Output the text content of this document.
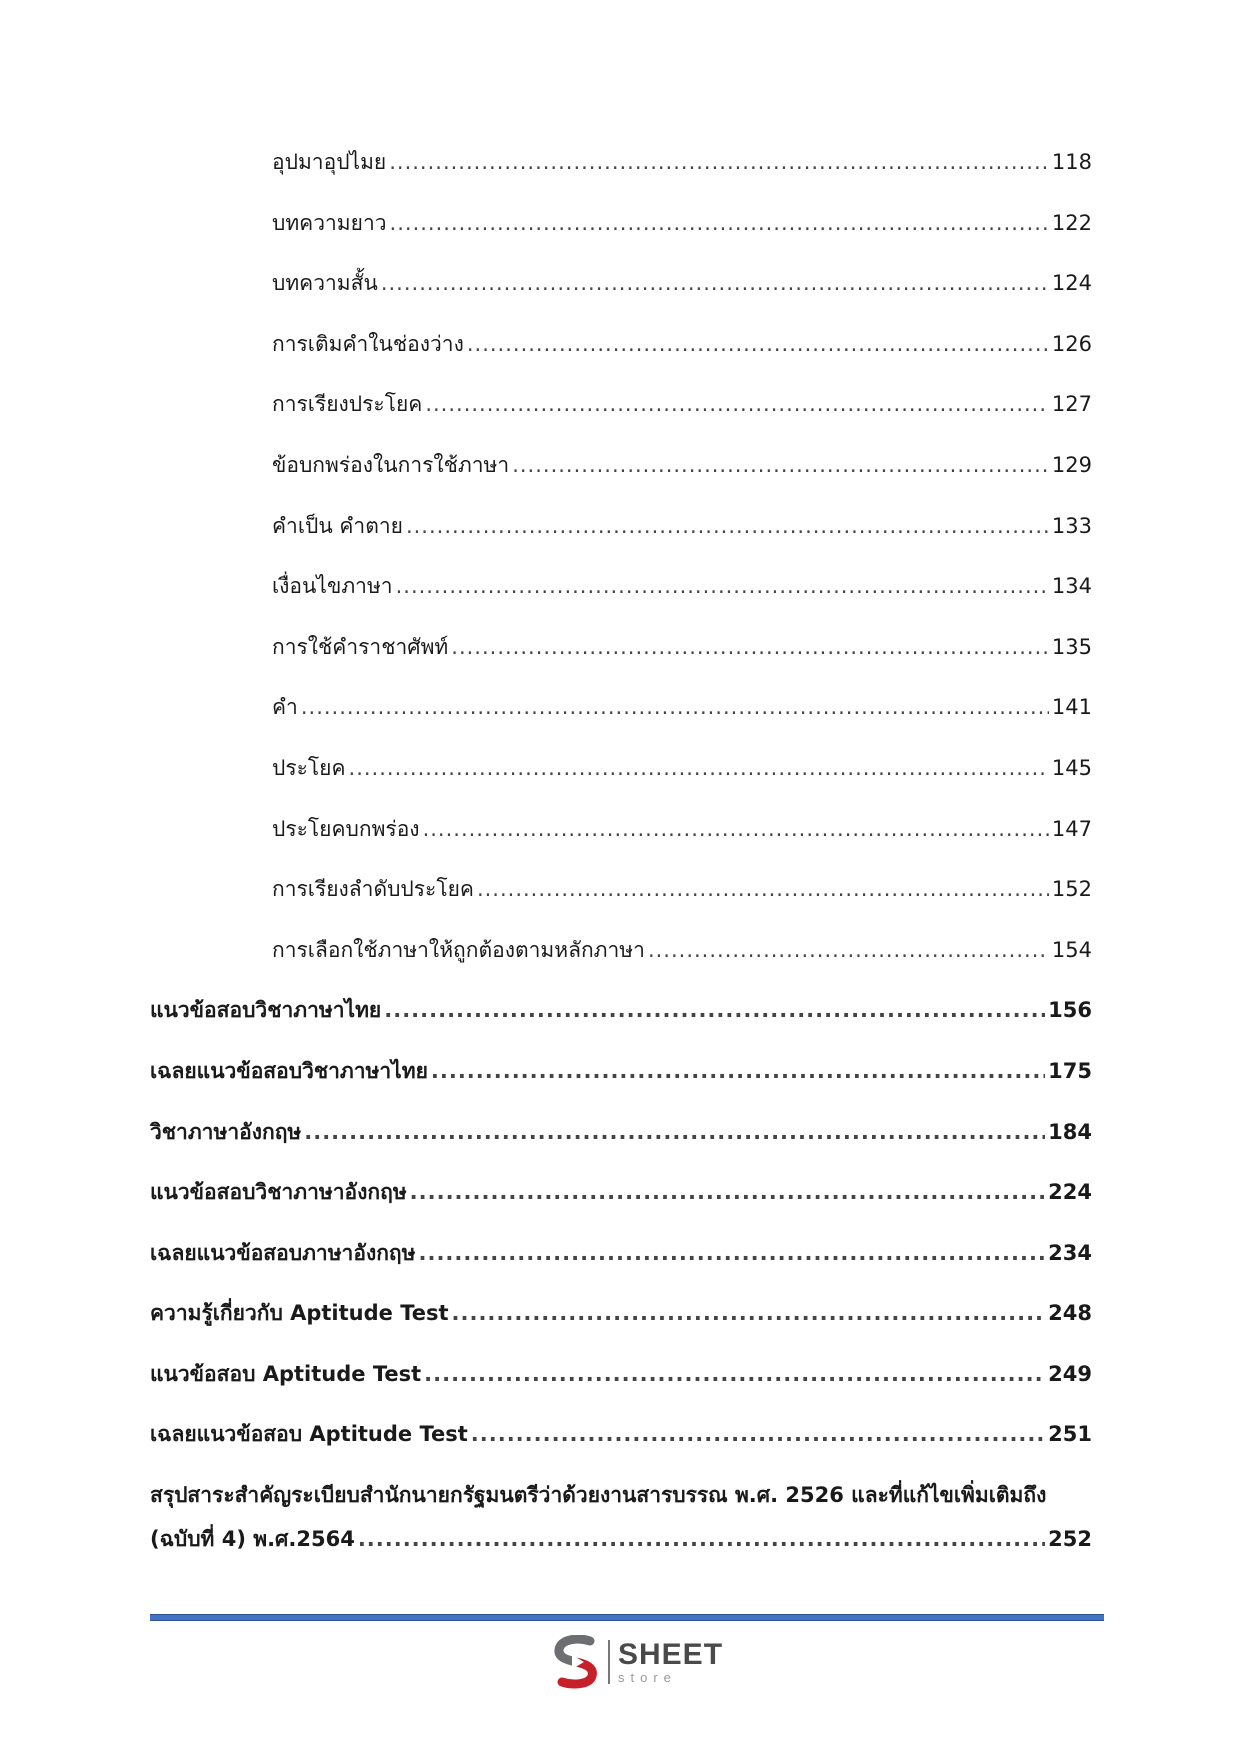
อุปมาอุปไมย .....	118
บทความยาว .....	122
บทความสั้น .....	124
การเติมคำในช่องว่าง .....	126
การเรียงประโยค .....	127
ข้อบกพร่องในการใช้ภาษา .....	129
คำเป็น คำตาย .....	133
เงื่อนไขภาษา .....	134
การใช้คำราชาศัพท์ .....	135
คำ .....	141
ประโยค .....	145
ประโยคบกพร่อง .....	147
การเรียงลำดับประโยค .....	152
การเลือกใช้ภาษาให้ถูกต้องตามหลักภาษา .....	154
แนวข้อสอบวิชาภาษาไทย .....	156
เฉลยแนวข้อสอบวิชาภาษาไทย .....	175
วิชาภาษาอังกฤษ .....	184
แนวข้อสอบวิชาภาษาอังกฤษ .....	224
เฉลยแนวข้อสอบภาษาอังกฤษ .....	234
ความรู้เกี่ยวกับ Aptitude Test .....	248
แนวข้อสอบ Aptitude Test .....	249
เฉลยแนวข้อสอบ Aptitude Test .....	251
สรุปสาระสำคัญระเบียบสำนักนายกรัฐมนตรีว่าด้วยงานสารบรรณ พ.ศ. 2526 และที่แก้ไขเพิ่มเติมถึง
(ฉบับที่ 4) พ.ศ.2564 .....	252
SHEET
store
